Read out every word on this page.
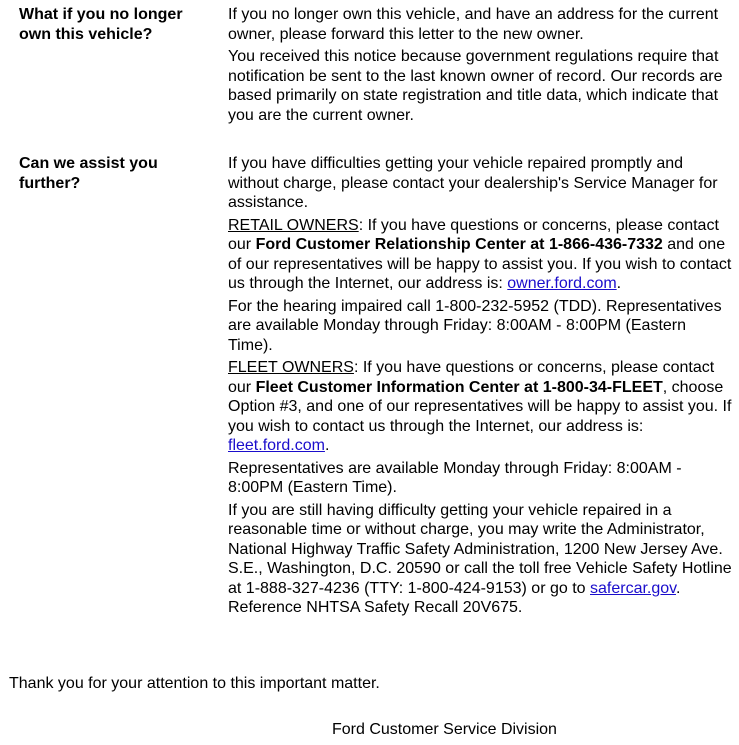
What if you no longer own this vehicle?

If you no longer own this vehicle, and have an address for the current owner, please forward this letter to the new owner.

You received this notice because government regulations require that notification be sent to the last known owner of record. Our records are based primarily on state registration and title data, which indicate that you are the current owner.

Can we assist you further?

If you have difficulties getting your vehicle repaired promptly and without charge, please contact your dealership's Service Manager for assistance.

RETAIL OWNERS: If you have questions or concerns, please contact our Ford Customer Relationship Center at 1-866-436-7332 and one of our representatives will be happy to assist you. If you wish to contact us through the Internet, our address is: owner.ford.com.

For the hearing impaired call 1-800-232-5952 (TDD). Representatives are available Monday through Friday: 8:00AM - 8:00PM (Eastern Time).

FLEET OWNERS: If you have questions or concerns, please contact our Fleet Customer Information Center at 1-800-34-FLEET, choose Option #3, and one of our representatives will be happy to assist you. If you wish to contact us through the Internet, our address is: fleet.ford.com.

Representatives are available Monday through Friday: 8:00AM - 8:00PM (Eastern Time).

If you are still having difficulty getting your vehicle repaired in a reasonable time or without charge, you may write the Administrator, National Highway Traffic Safety Administration, 1200 New Jersey Ave. S.E., Washington, D.C. 20590 or call the toll free Vehicle Safety Hotline at 1-888-327-4236 (TTY: 1-800-424-9153) or go to safercar.gov. Reference NHTSA Safety Recall 20V675.

Thank you for your attention to this important matter.
Ford Customer Service Division
